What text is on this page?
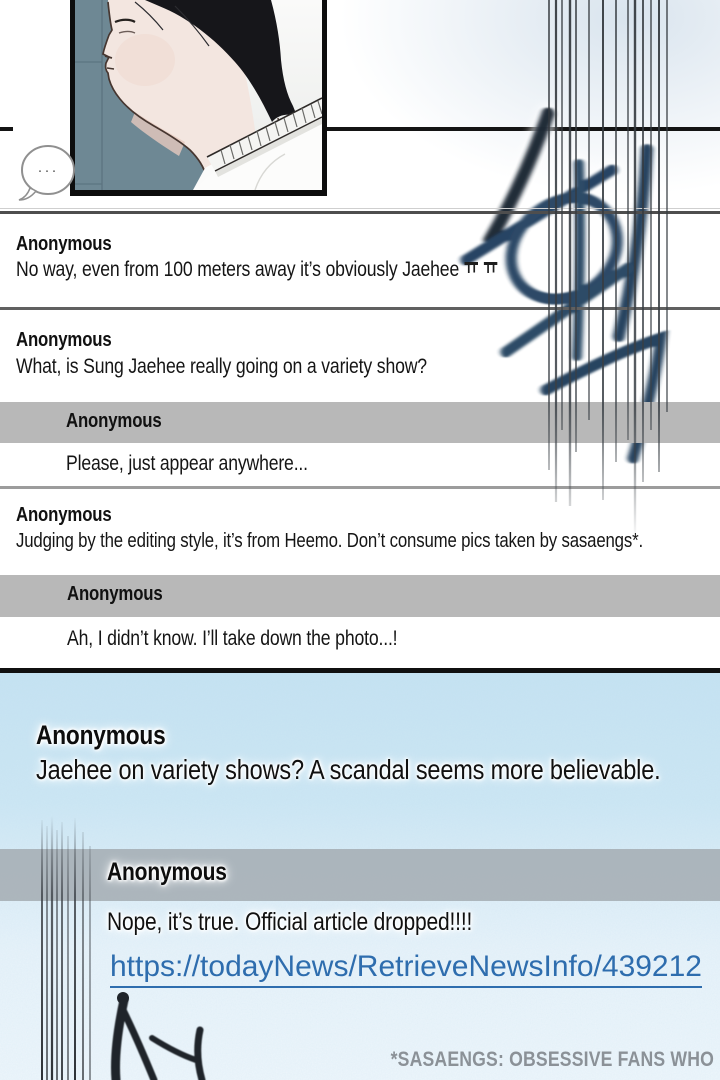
···
Anonymous
No way, even from 100 meters away it’s obviously Jaehee
Anonymous
What, is Sung Jaehee really going on a variety show?
Anonymous
Please, just appear anywhere...
Anonymous
Judging by the editing style, it’s from Heemo. Don’t consume pics taken by sasaengs*.
Anonymous
Ah, I didn’t know. I’ll take down the photo...!
Anonymous
Jaehee on variety shows? A scandal seems more believable.
Anonymous
Nope, it’s true. Official article dropped!!!!
https://todayNews/RetrieveNewsInfo/439212
*SASAENGS: OBSESSIVE FANS WHO
